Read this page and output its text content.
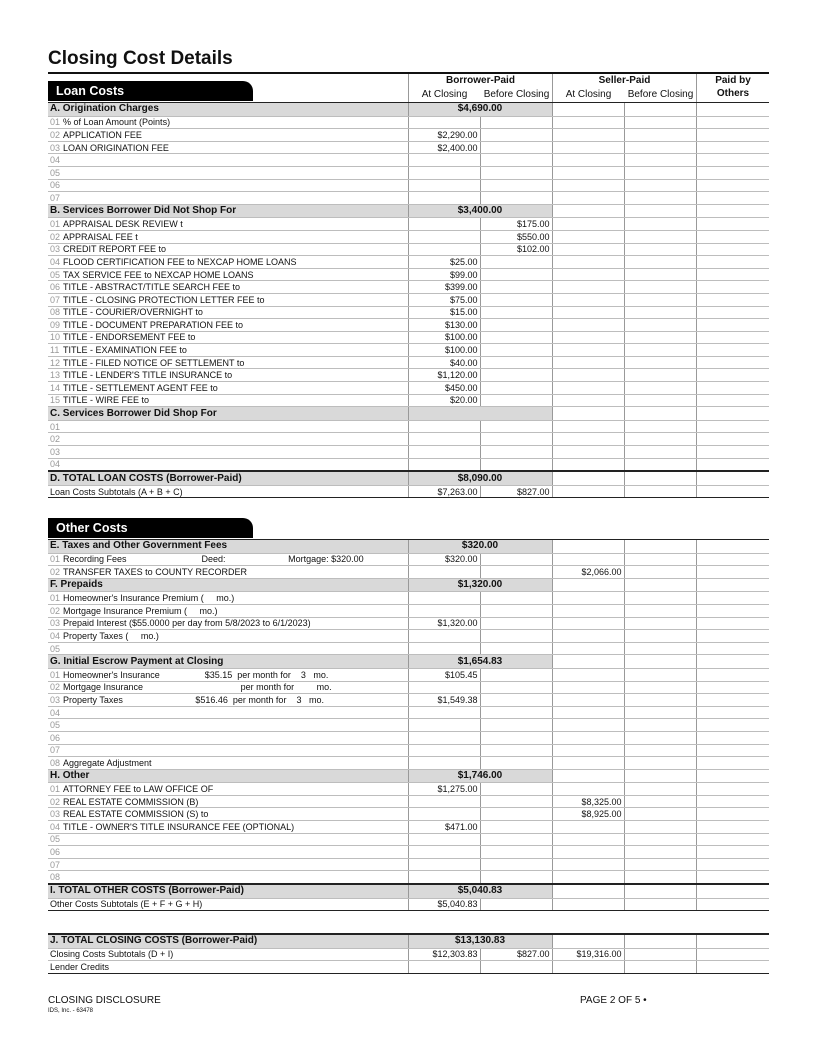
Closing Cost Details
Borrower-Paid	Seller-Paid	Paid by
Others
At Closing	Before Closing	At Closing	Before Closing
Loan Costs
A. Origination Charges	$4,690.00				
01 % of Loan Amount (Points)					
02 APPLICATION FEE	$2,290.00				
03 LOAN ORIGINATION FEE	$2,400.00				
04					
05					
06					
07					
B. Services Borrower Did Not Shop For	$3,400.00				
01 APPRAISAL DESK REVIEW t		$175.00			
02 APPRAISAL FEE t		$550.00			
03 CREDIT REPORT FEE to		$102.00			
04 FLOOD CERTIFICATION FEE to NEXCAP HOME LOANS	$25.00				
05 TAX SERVICE FEE to NEXCAP HOME LOANS	$99.00				
06 TITLE - ABSTRACT/TITLE SEARCH FEE to	$399.00				
07 TITLE - CLOSING PROTECTION LETTER FEE to	$75.00				
08 TITLE - COURIER/OVERNIGHT to	$15.00				
09 TITLE - DOCUMENT PREPARATION FEE to	$130.00				
10 TITLE - ENDORSEMENT FEE to	$100.00				
11 TITLE - EXAMINATION FEE to	$100.00				
12 TITLE - FILED NOTICE OF SETTLEMENT to	$40.00				
13 TITLE - LENDER'S TITLE INSURANCE to	$1,120.00				
14 TITLE - SETTLEMENT AGENT FEE to	$450.00				
15 TITLE - WIRE FEE to	$20.00				
C. Services Borrower Did Shop For					
01					
02					
03					
04					
D. TOTAL LOAN COSTS (Borrower-Paid)	$8,090.00				
Loan Costs Subtotals (A + B + C)	$7,263.00	$827.00			
Other Costs
E. Taxes and Other Government Fees	$320.00				
01 Recording Fees                              Deed:                         Mortgage: $320.00	$320.00				
02 TRANSFER TAXES to COUNTY RECORDER			$2,066.00		
F. Prepaids	$1,320.00				
01 Homeowner's Insurance Premium (     mo.)					
02 Mortgage Insurance Premium (     mo.)					
03 Prepaid Interest ($55.0000 per day from 5/8/2023 to 6/1/2023)	$1,320.00				
04 Property Taxes (     mo.)					
05					
G. Initial Escrow Payment at Closing	$1,654.83				
01 Homeowner's Insurance                  $35.15  per month for    3   mo.	$105.45				
02 Mortgage Insurance                                       per month for         mo.					
03 Property Taxes                             $516.46  per month for    3   mo.	$1,549.38				
04					
05					
06					
07					
08 Aggregate Adjustment					
H. Other	$1,746.00				
01 ATTORNEY FEE to LAW OFFICE OF	$1,275.00				
02 REAL ESTATE COMMISSION (B)			$8,325.00		
03 REAL ESTATE COMMISSION (S) to			$8,925.00		
04 TITLE - OWNER'S TITLE INSURANCE FEE (OPTIONAL)	$471.00				
05					
06					
07					
08					
I. TOTAL OTHER COSTS (Borrower-Paid)	$5,040.83				
Other Costs Subtotals (E + F + G + H)	$5,040.83				
J. TOTAL CLOSING COSTS (Borrower-Paid)	$13,130.83				
Closing Costs Subtotals (D + I)	$12,303.83	$827.00	$19,316.00		
Lender Credits					
CLOSING DISCLOSURE
IDS, Inc. - 63478
PAGE 2 OF 5 •
